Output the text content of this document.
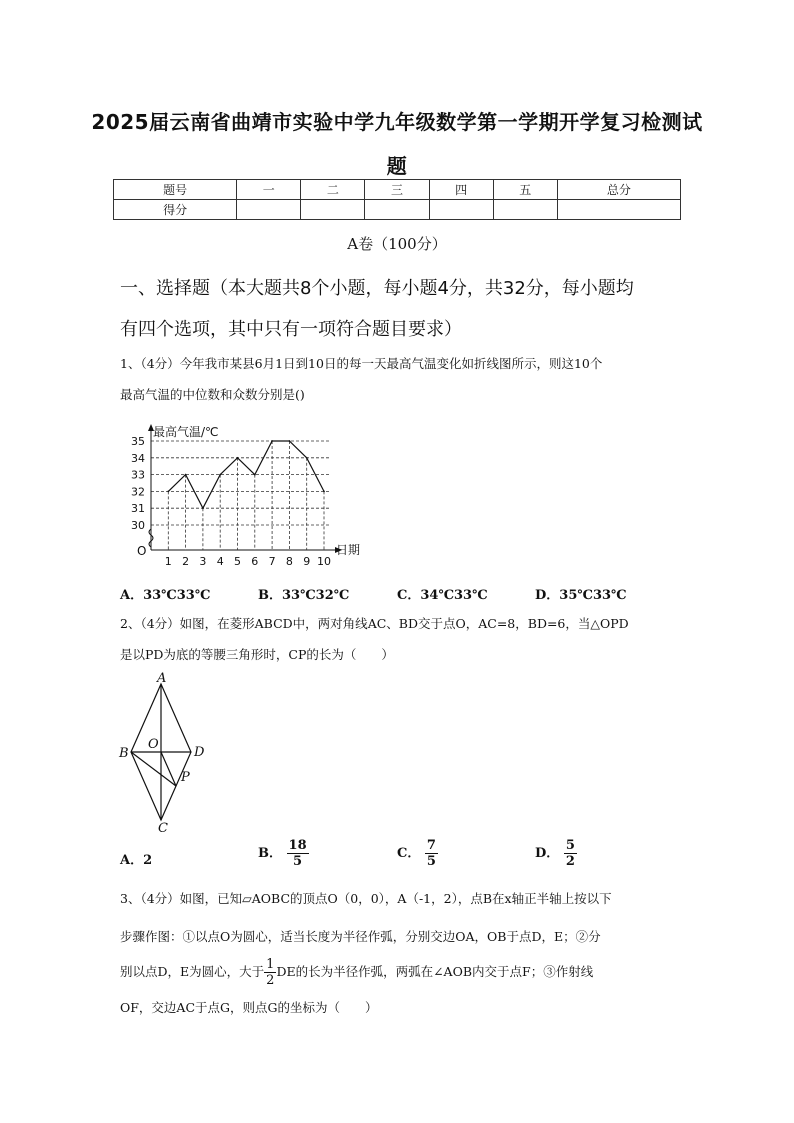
2025届云南省曲靖市实验中学九年级数学第一学期开学复习检测试
题
题号	一	二	三	四	五	总分
得分						
A卷（100分）
一、选择题（本大题共8个小题，每小题4分，共32分，每小题均
有四个选项，其中只有一项符合题目要求）
1、（4分）今年我市某县6月1日到10日的每一天最高气温变化如折线图所示，则这10个
最高气温的中位数和众数分别是()
30
31
32
33
34
35
O
最高气温/℃
日期
1 2 3 4 5 6 7 8 9 10
A．33℃33℃	B．33℃32℃	C．34℃33℃	D．35℃33℃
2、（4分）如图，在菱形ABCD中，两对角线AC、BD交于点O，AC=8，BD=6，当△OPD
是以PD为底的等腰三角形时，CP的长为（　　）
A
B
C
D
O
P
A．2	B． $\frac{18}{5}$	C． $\frac{7}{5}$	D． $\frac{5}{2}$
3、（4分）如图，已知▱AOBC的顶点O（0，0），A（-1，2），点B在x轴正半轴上按以下
步骤作图：①以点O为圆心，适当长度为半径作弧，分别交边OA，OB于点D，E；②分
别以点D，E为圆心，大于 $\frac{1}{2}$ DE的长为半径作弧，两弧在∠AOB内交于点F；③作射线
OF，交边AC于点G，则点G的坐标为（　　）
